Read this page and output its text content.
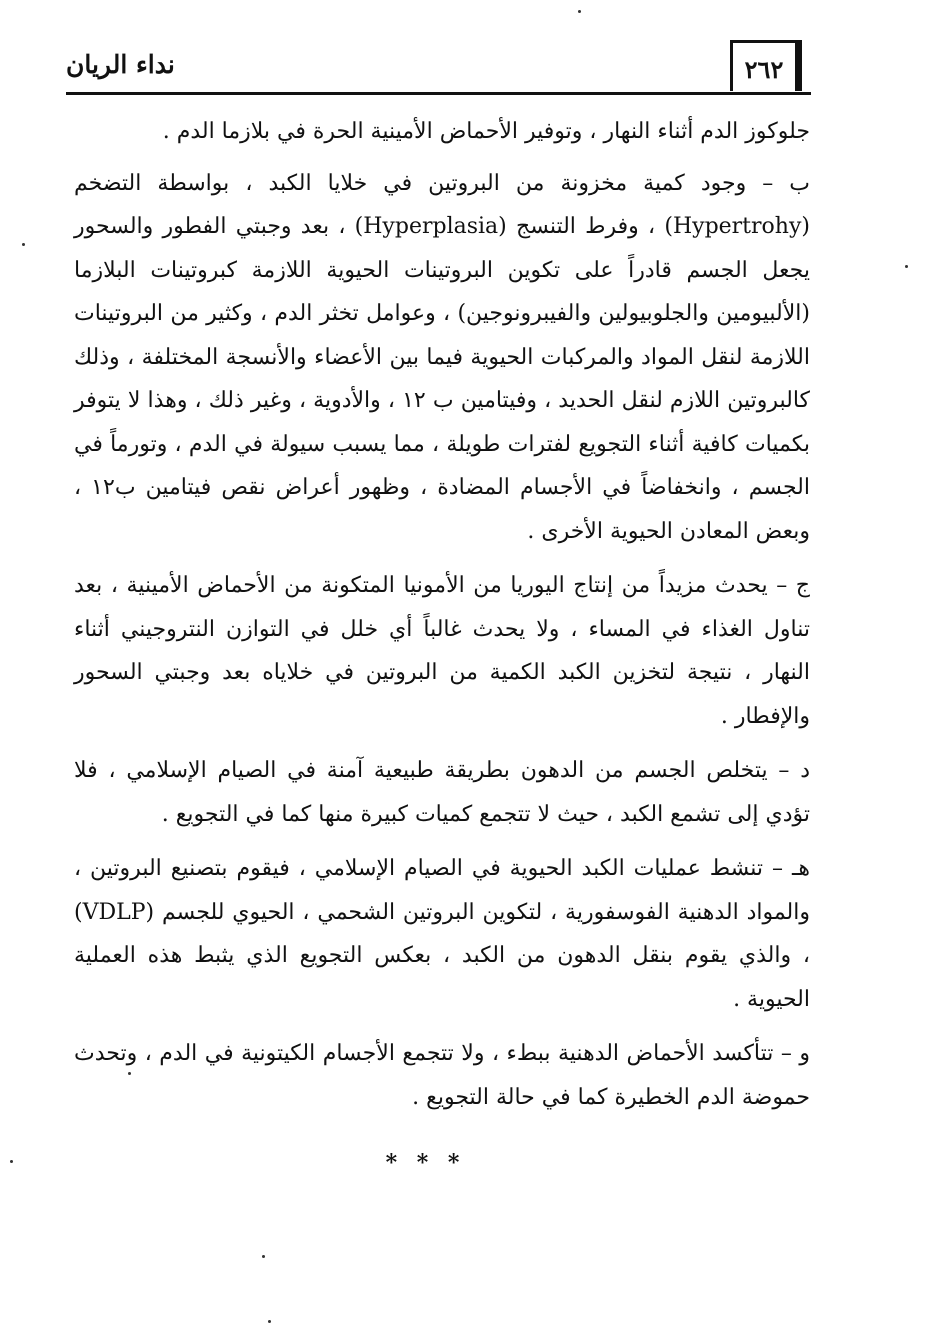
نداء الريان	٢٦٢

جلوكوز الدم أثناء النهار ، وتوفير الأحماض الأمينية الحرة في بلازما الدم .

ب – وجود كمية مخزونة من البروتين في خلايا الكبد ، بواسطة التضخم (Hypertrohy) ، وفرط التنسج (Hyperplasia) ، بعد وجبتي الفطور والسحور يجعل الجسم قادراً على تكوين البروتينات الحيوية اللازمة كبروتينات البلازما (الألبيومين والجلوبيولين والفيبرونوجين) ، وعوامل تخثر الدم ، وكثير من البروتينات اللازمة لنقل المواد والمركبات الحيوية فيما بين الأعضاء والأنسجة المختلفة ، وذلك كالبروتين اللازم لنقل الحديد ، وفيتامين ب ١٢ ، والأدوية ، وغير ذلك ، وهذا لا يتوفر بكميات كافية أثناء التجويع لفترات طويلة ، مما يسبب سيولة في الدم ، وتورماً في الجسم ، وانخفاضاً في الأجسام المضادة ، وظهور أعراض نقص فيتامين ب١٢ ، وبعض المعادن الحيوية الأخرى .

ج – يحدث مزيداً من إنتاج اليوريا من الأمونيا المتكونة من الأحماض الأمينية ، بعد تناول الغذاء في المساء ، ولا يحدث غالباً أي خلل في التوازن النتروجيني أثناء النهار ، نتيجة لتخزين الكبد الكمية من البروتين في خلاياه بعد وجبتي السحور والإفطار .

د – يتخلص الجسم من الدهون بطريقة طبيعية آمنة في الصيام الإسلامي ، فلا تؤدي إلى تشمع الكبد ، حيث لا تتجمع كميات كبيرة منها كما في التجويع .

هـ – تنشط عمليات الكبد الحيوية في الصيام الإسلامي ، فيقوم بتصنيع البروتين ، والمواد الدهنية الفوسفورية ، لتكوين البروتين الشحمي ، الحيوي للجسم (VDLP) ، والذي يقوم بنقل الدهون من الكبد ، بعكس التجويع الذي يثبط هذه العملية الحيوية .

و – تتأكسد الأحماض الدهنية ببطء ، ولا تتجمع الأجسام الكيتونية في الدم ، وتحدث حموضة الدم الخطيرة كما في حالة التجويع .

* * *
